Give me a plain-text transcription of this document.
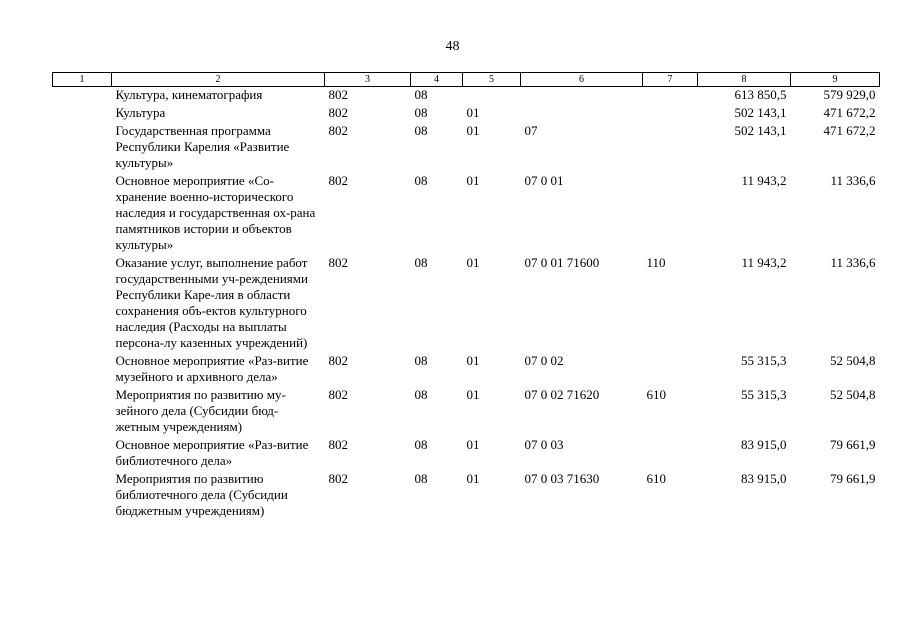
48
1	2	3	4	5	6	7	8	9
	Культура, кинематография	802	08				613 850,5	579 929,0
	Культура	802	08	01			502 143,1	471 672,2
	Государственная программа Республики Карелия «Развитие культуры»	802	08	01	07		502 143,1	471 672,2
	Основное мероприятие «Со-хранение военно-исторического наследия и государственная ох-рана памятников истории и объектов культуры»	802	08	01	07 0 01		11 943,2	11 336,6
	Оказание услуг, выполнение работ государственными уч-реждениями Республики Каре-лия в области сохранения объ-ектов культурного наследия (Расходы на выплаты персона-лу казенных учреждений)	802	08	01	07 0 01 71600	110	11 943,2	11 336,6
	Основное мероприятие «Раз-витие музейного и архивного дела»	802	08	01	07 0 02		55 315,3	52 504,8
	Мероприятия по развитию му-зейного дела (Субсидии бюд-жетным учреждениям)	802	08	01	07 0 02 71620	610	55 315,3	52 504,8
	Основное мероприятие «Раз-витие библиотечного дела»	802	08	01	07 0 03		83 915,0	79 661,9
	Мероприятия по развитию библиотечного дела (Субсидии бюджетным учреждениям)	802	08	01	07 0 03 71630	610	83 915,0	79 661,9
